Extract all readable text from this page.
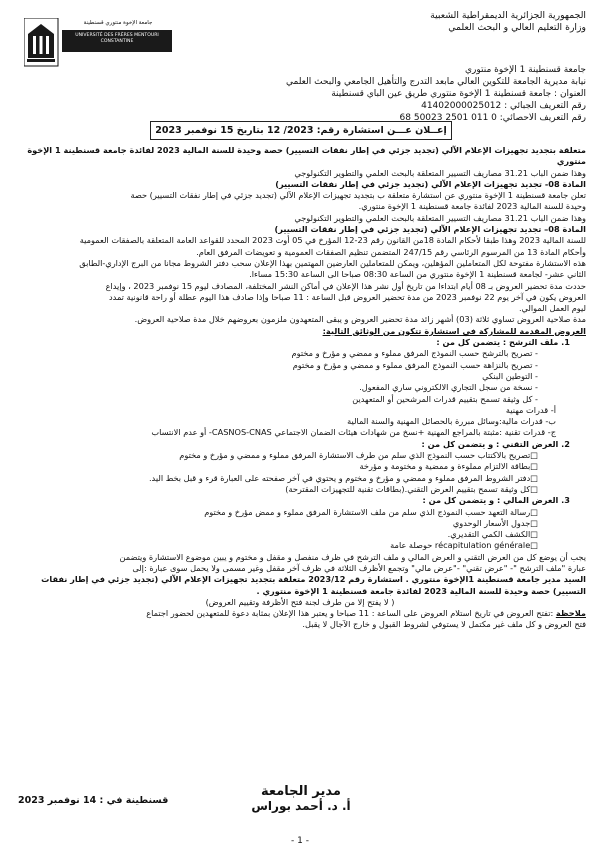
جامعة الإخوة منتوري قسنطينة
UNIVERSITÉ DES FRÈRES MENTOURI CONSTANTINE
الجمهورية الجزائرية الديمقراطية الشعبية
وزارة التعليم العالي و البحث العلمي
جامعة قسنطينة 1 الإخوة منتوري
نيابة مديرية الجامعة للتكوين العالي مابعد التدرج والتأهيل الجامعي والبحث العلمي
العنوان : جامعة قسنطينة 1 الإخوة منتوري طريق عين الباي قسنطينة
رقم التعريف الجبائي : 41402000025012
رقم التعريف الاحصائي: 68 50023 2501 011 0
إعــلان عـــن استشارة رقم: 2023/ 12 بتاريخ 15 نوفمبر 2023

متعلقة بتجديد تجهيزات الإعلام الآلي (تجديد جزئي في إطار نفقات التسيير) حصة وحيدة للسنة المالية 2023 لفائدة جامعة قسنطينة 1 الإخوة منتوري

وهذا ضمن الباب 31.21 مصاريف التسيير المتعلقة بالبحث العلمي والتطوير التكنولوجي

المادة 08- تجديد تجهيزات الإعلام الآلي (تجديد جزئي في إطار نفقات التسيير)

تعلن جامعة قسنطينة 1 الإخوة منتوري عن استشارة متعلقة ب بتجديد تجهيزات الإعلام الآلي (تجديد جزئي في إطار نفقات التسيير) حصة

وحيدة للسنة المالية 2023 لفائدة جامعة قسنطينة 1 الإخوة منتوري.

وهذا ضمن الباب 31.21 مصاريف التسيير المتعلقة بالبحث العلمي والتطوير التكنولوجي

المادة 08– تجديد تجهيزات الإعلام الآلي (تجديد جزئي في إطار نفقات التسيير)

للسنة المالية 2023 وهذا طبقا لأحكام المادة 18من القانون رقم 23-12 المؤرخ في 05 أوت 2023 المحدد للقواعد العامة المتعلقة بالصفقات العمومية

وأحكام المادة 13 من المرسوم الرئاسي رقم 247/15 المتضمن تنظيم الصفقات العمومية و تعويضات المرفق العام.

هذه الاستشارة مفتوحة لكل المتعاملين المؤهلين، ويمكن للمتعاملين العارضين المهتمين بهذا الإعلان سحب دفتر الشروط مجانا من البرج الإداري-الطابق

الثاني عشر- لجامعة قسنطينة 1 الإخوة منتوري من الساعة 08:30 صباحا الى الساعة 15:30 مساءا.

حددت مدة تحضير العروض بـ 08 أيام ابتداءا من تاريخ أول نشر هذا الإعلان في أماكن النشر المختلفة، المصادف ليوم 15 نوفمبر 2023 ، وإيداع

العروض يكون في آخر يوم 22 نوفمبر 2023 من مدة تحضير العروض قبل الساعة : 11 صباحا وإذا صادف هذا اليوم عطلة أو راحة قانونية تمدد

ليوم العمل الموالي.

مدة صلاحية العروض تساوي ثلاثة (03) أشهر زائد مدة تحضير العروض و يبقى المتعهدون ملزمون بعروضهم خلال مدة صلاحية العروض.

العروض المقدمة للمشاركة في استشارة تتكون من الوثائق التالية:

1. ملف الترشح : يتضمن كل من :

- تصريح بالترشح حسب النموذج المرفق مملوء و ممضي و مؤرخ و مختوم

- تصريح بالنزاهة حسب النموذج المرفق مملوء و ممضي و مؤرخ و مختوم

- التوطين البنكي

- نسخة من سجل التجاري الالكتروني ساري المفعول.

- كل وثيقة تسمح بتقييم قدرات المرشحين أو المتعهدين

أ- قدرات مهنية

ب- قدرات مالية:وسائل مبررة بالحصائل المهنية والسنة المالية

ج- قدرات تقنية :مثبتة بالمراجع المهنية +نسخ من شهادات هيئات الضمان الاجتماعي CASNOS-CNAS- أو عدم الانتساب

2. العرض التقني : و يتضمن كل من :

□ تصريح بالاكتتاب حسب النموذج الذي سلم من طرف الاستشارة المرفق مملوء و ممضي و مؤرخ و مختوم

□ بطاقة الالتزام مملوءة و ممضية و مختومة و مؤرخة

□ دفتر الشروط المرفق مملوء و ممضي و مؤرخ و مختوم و يحتوي في آخر صفحته على العبارة قرء و قبل بخط اليد.

□ كل وثيقة تسمح بتقييم العرض التقني.(بطاقات تقنية للتجهيزات المقترحة)

3. العرض المالي : و يتضمن كل من :

□ رسالة التعهد حسب النموذج الذي سلم من ملف الاستشارة المرفق مملوء و ممض مؤرخ و مختوم

□ جدول الأسعار الوحدوي

□ الكشف الكمي التقديري.

□ récapitulation générale حوصلة عامة

يجب أن يوضع كل من العرض التقني و العرض المالي و ملف الترشح في ظرف منفصل و مقفل و مختوم و يبين موضوع الاستشارة ويتضمن

عبارة "ملف الترشح "- "عرض تقني" -"عرض مالي" وتجمع الأظرف الثلاثة في ظرف آخر مقفل وغير مسمى ولا يحمل سوى عبارة :إلى

السيد مدير جامعة قسنطينة 1الإخوة منتوري . استشارة رقم 2023/12 متعلقة بتجديد تجهيزات الإعلام الآلي (تجديد جزئي في إطار نفقات

التسيير) حصة وحيدة للسنة المالية 2023 لفائدة جامعة قسنطينة 1 الإخوة منتوري .

( لا يفتح إلا من طرف لجنة فتح الأظرفة وتقييم العروض)

ملاحظة :تفتح العروض في تاريخ استلام العروض على الساعة : 11 صباحا و يعتبر هذا الإعلان بمثابة دعوة للمتعهدين لحضور اجتماع

فتح العروض و كل ملف غير مكتمل لا يستوفي لشروط القبول و خارج الآجال لا يقبل.

مدير الجامعة
أ. د. أحمد بوراس
قسنطينة في : 14 نوفمبر 2023
- 1 -
